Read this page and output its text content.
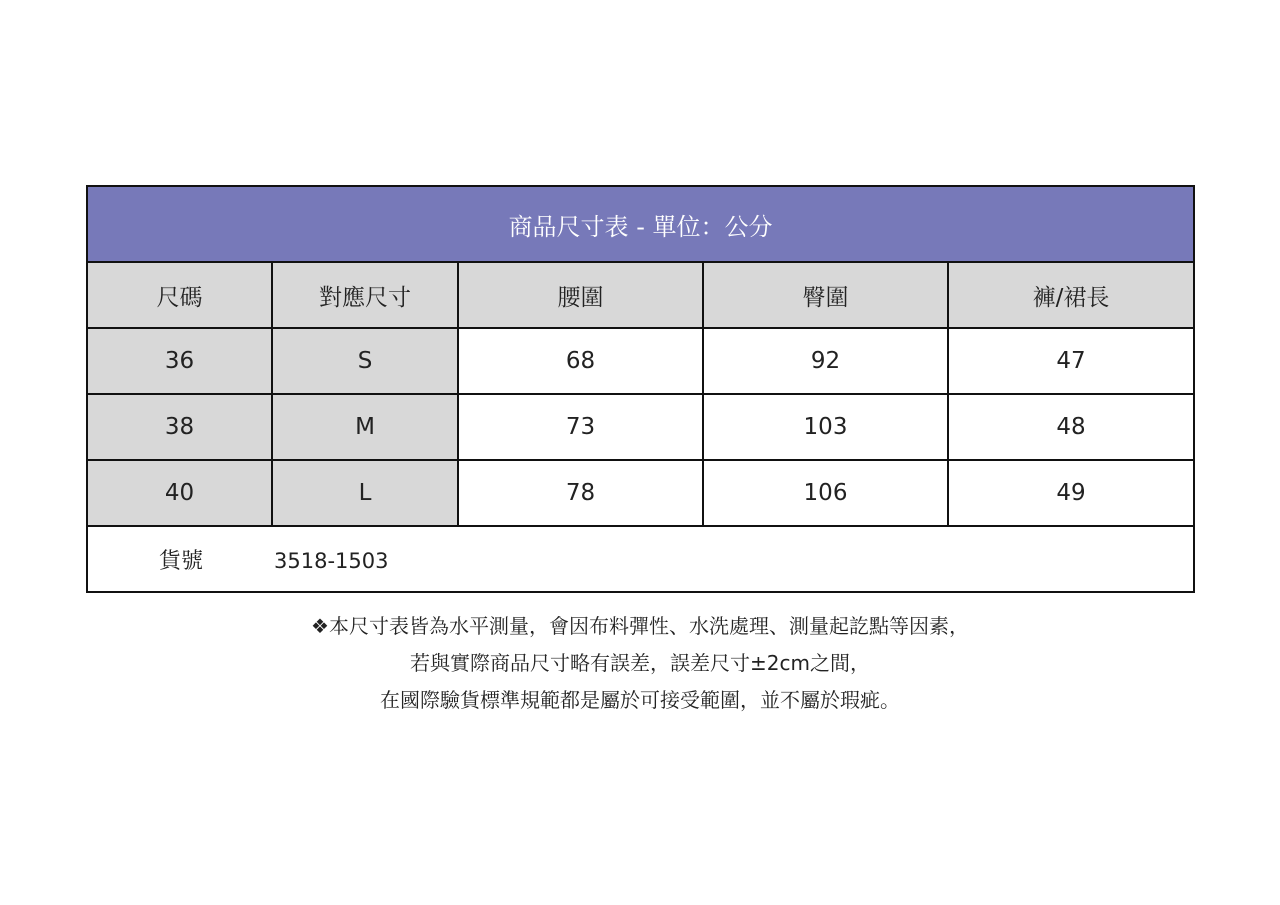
商品尺寸表 - 單位：公分				
尺碼	對應尺寸	腰圍	臀圍	褲/裙長
36	S	68	92	47
38	M	73	103	48
40	L	78	106	49
貨號 3518-1503				
❖本尺寸表皆為水平測量，會因布料彈性、水洗處理、測量起訖點等因素，
若與實際商品尺寸略有誤差，誤差尺寸±2cm之間，
在國際驗貨標準規範都是屬於可接受範圍，並不屬於瑕疵。
